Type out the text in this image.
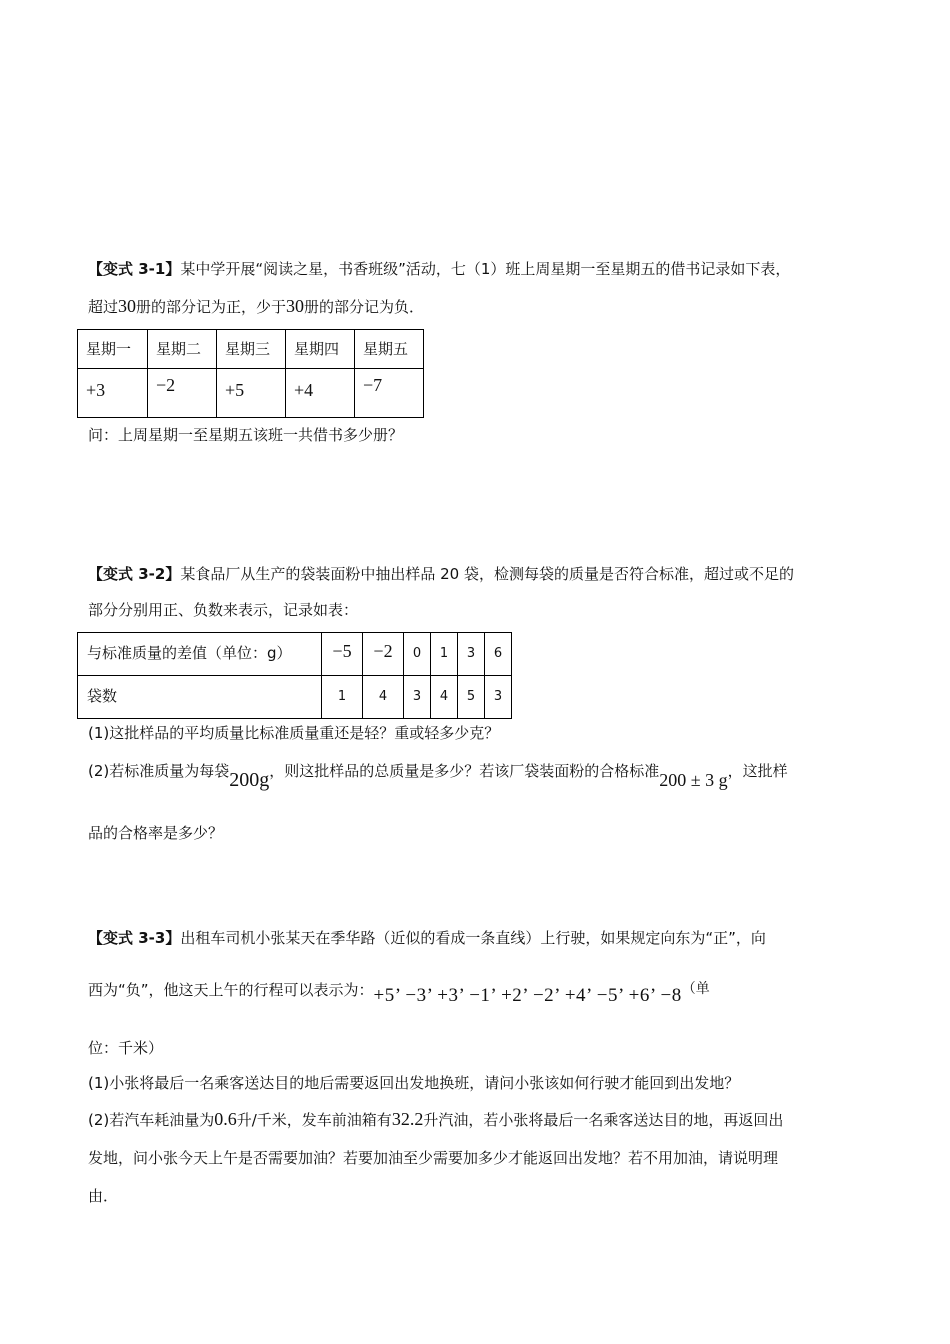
【变式 3-1】某中学开展“阅读之星，书香班级”活动，七（1）班上周星期一至星期五的借书记录如下表，
超过30册的部分记为正，少于30册的部分记为负．
星期一	星期二	星期三	星期四	星期五

+3	−2	+5	+4	−7
问：上周星期一至星期五该班一共借书多少册？
【变式 3-2】某食品厂从生产的袋装面粉中抽出样品 20 袋，检测每袋的质量是否符合标准，超过或不足的
部分分别用正、负数来表示，记录如表：
与标准质量的差值（单位：g）	−5	−2	0	1	3	6

袋数	1	4	3	4	5	3
(1)这批样品的平均质量比标准质量重还是轻？重或轻多少克？
(2)若标准质量为每袋200g，则这批样品的总质量是多少？若该厂袋装面粉的合格标准200 ± 3 g，这批样
品的合格率是多少？
【变式 3-3】出租车司机小张某天在季华路（近似的看成一条直线）上行驶，如果规定向东为“正”，向
西为“负”，他这天上午的行程可以表示为：+5’ −3’ +3’ −1’ +2’ −2’ +4’ −5’ +6’ −8（单
位：千米）
(1)小张将最后一名乘客送达目的地后需要返回出发地换班，请问小张该如何行驶才能回到出发地？
(2)若汽车耗油量为0.6升/千米，发车前油箱有32.2升汽油，若小张将最后一名乘客送达目的地，再返回出
发地，问小张今天上午是否需要加油？若要加油至少需要加多少才能返回出发地？若不用加油，请说明理
由．
